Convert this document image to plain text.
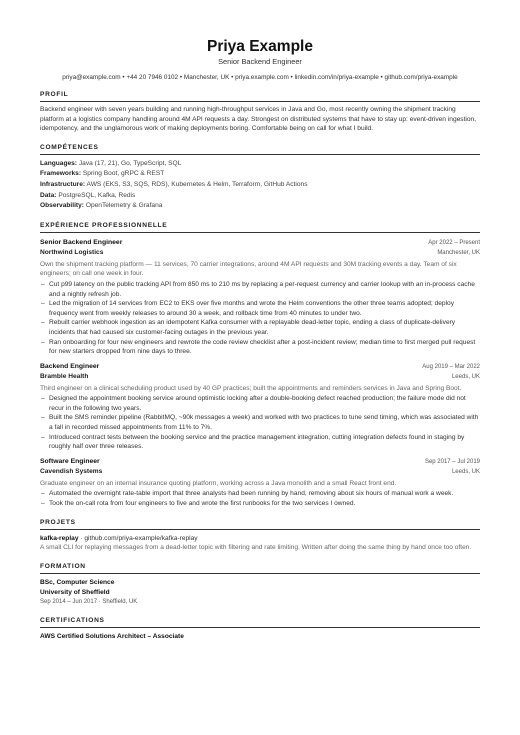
Priya Example
Senior Backend Engineer
priya@example.com • +44 20 7946 0102 • Manchester, UK • priya.example.com • linkedin.com/in/priya-example • github.com/priya-example
PROFIL
Backend engineer with seven years building and running high-throughput services in Java and Go, most recently owning the shipment tracking platform at a logistics company handling around 4M API requests a day. Strongest on distributed systems that have to stay up: event-driven ingestion, idempotency, and the unglamorous work of making deployments boring. Comfortable being on call for what I build.
COMPÉTENCES
Languages: Java (17, 21), Go, TypeScript, SQL
Frameworks: Spring Boot, gRPC & REST
Infrastructure: AWS (EKS, S3, SQS, RDS), Kubernetes & Helm, Terraform, GitHub Actions
Data: PostgreSQL, Kafka, Redis
Observability: OpenTelemetry & Grafana
EXPÉRIENCE PROFESSIONNELLE
Senior Backend Engineer	Apr 2022 – Present
Northwind Logistics	Manchester, UK
Own the shipment tracking platform — 11 services, 70 carrier integrations, around 4M API requests and 30M tracking events a day. Team of six engineers; on call one week in four.
– Cut p99 latency on the public tracking API from 850 ms to 210 ms by replacing a per-request currency and carrier lookup with an in-process cache and a nightly refresh job.
– Led the migration of 14 services from EC2 to EKS over five months and wrote the Helm conventions the other three teams adopted; deploy frequency went from weekly releases to around 30 a week, and rollback time from 40 minutes to under two.
– Rebuilt carrier webhook ingestion as an idempotent Kafka consumer with a replayable dead-letter topic, ending a class of duplicate-delivery incidents that had caused six customer-facing outages in the previous year.
– Ran onboarding for four new engineers and rewrote the code review checklist after a post-incident review; median time to first merged pull request for new starters dropped from nine days to three.
Backend Engineer	Aug 2019 – Mar 2022
Bramble Health	Leeds, UK
Third engineer on a clinical scheduling product used by 40 GP practices; built the appointments and reminders services in Java and Spring Boot.
– Designed the appointment booking service around optimistic locking after a double-booking defect reached production; the failure mode did not recur in the following two years.
– Built the SMS reminder pipeline (RabbitMQ, ~90k messages a week) and worked with two practices to tune send timing, which was associated with a fall in recorded missed appointments from 11% to 7%.
– Introduced contract tests between the booking service and the practice management integration, cutting integration defects found in staging by roughly half over three releases.
Software Engineer	Sep 2017 – Jul 2019
Cavendish Systems	Leeds, UK
Graduate engineer on an internal insurance quoting platform, working across a Java monolith and a small React front end.
– Automated the overnight rate-table import that three analysts had been running by hand, removing about six hours of manual work a week.
– Took the on-call rota from four engineers to five and wrote the first runbooks for the two services I owned.
PROJETS
kafka-replay · github.com/priya-example/kafka-replay
A small CLI for replaying messages from a dead-letter topic with filtering and rate limiting. Written after doing the same thing by hand once too often.
FORMATION
BSc, Computer Science
University of Sheffield
Sep 2014 – Jun 2017 · Sheffield, UK
CERTIFICATIONS
AWS Certified Solutions Architect – Associate
